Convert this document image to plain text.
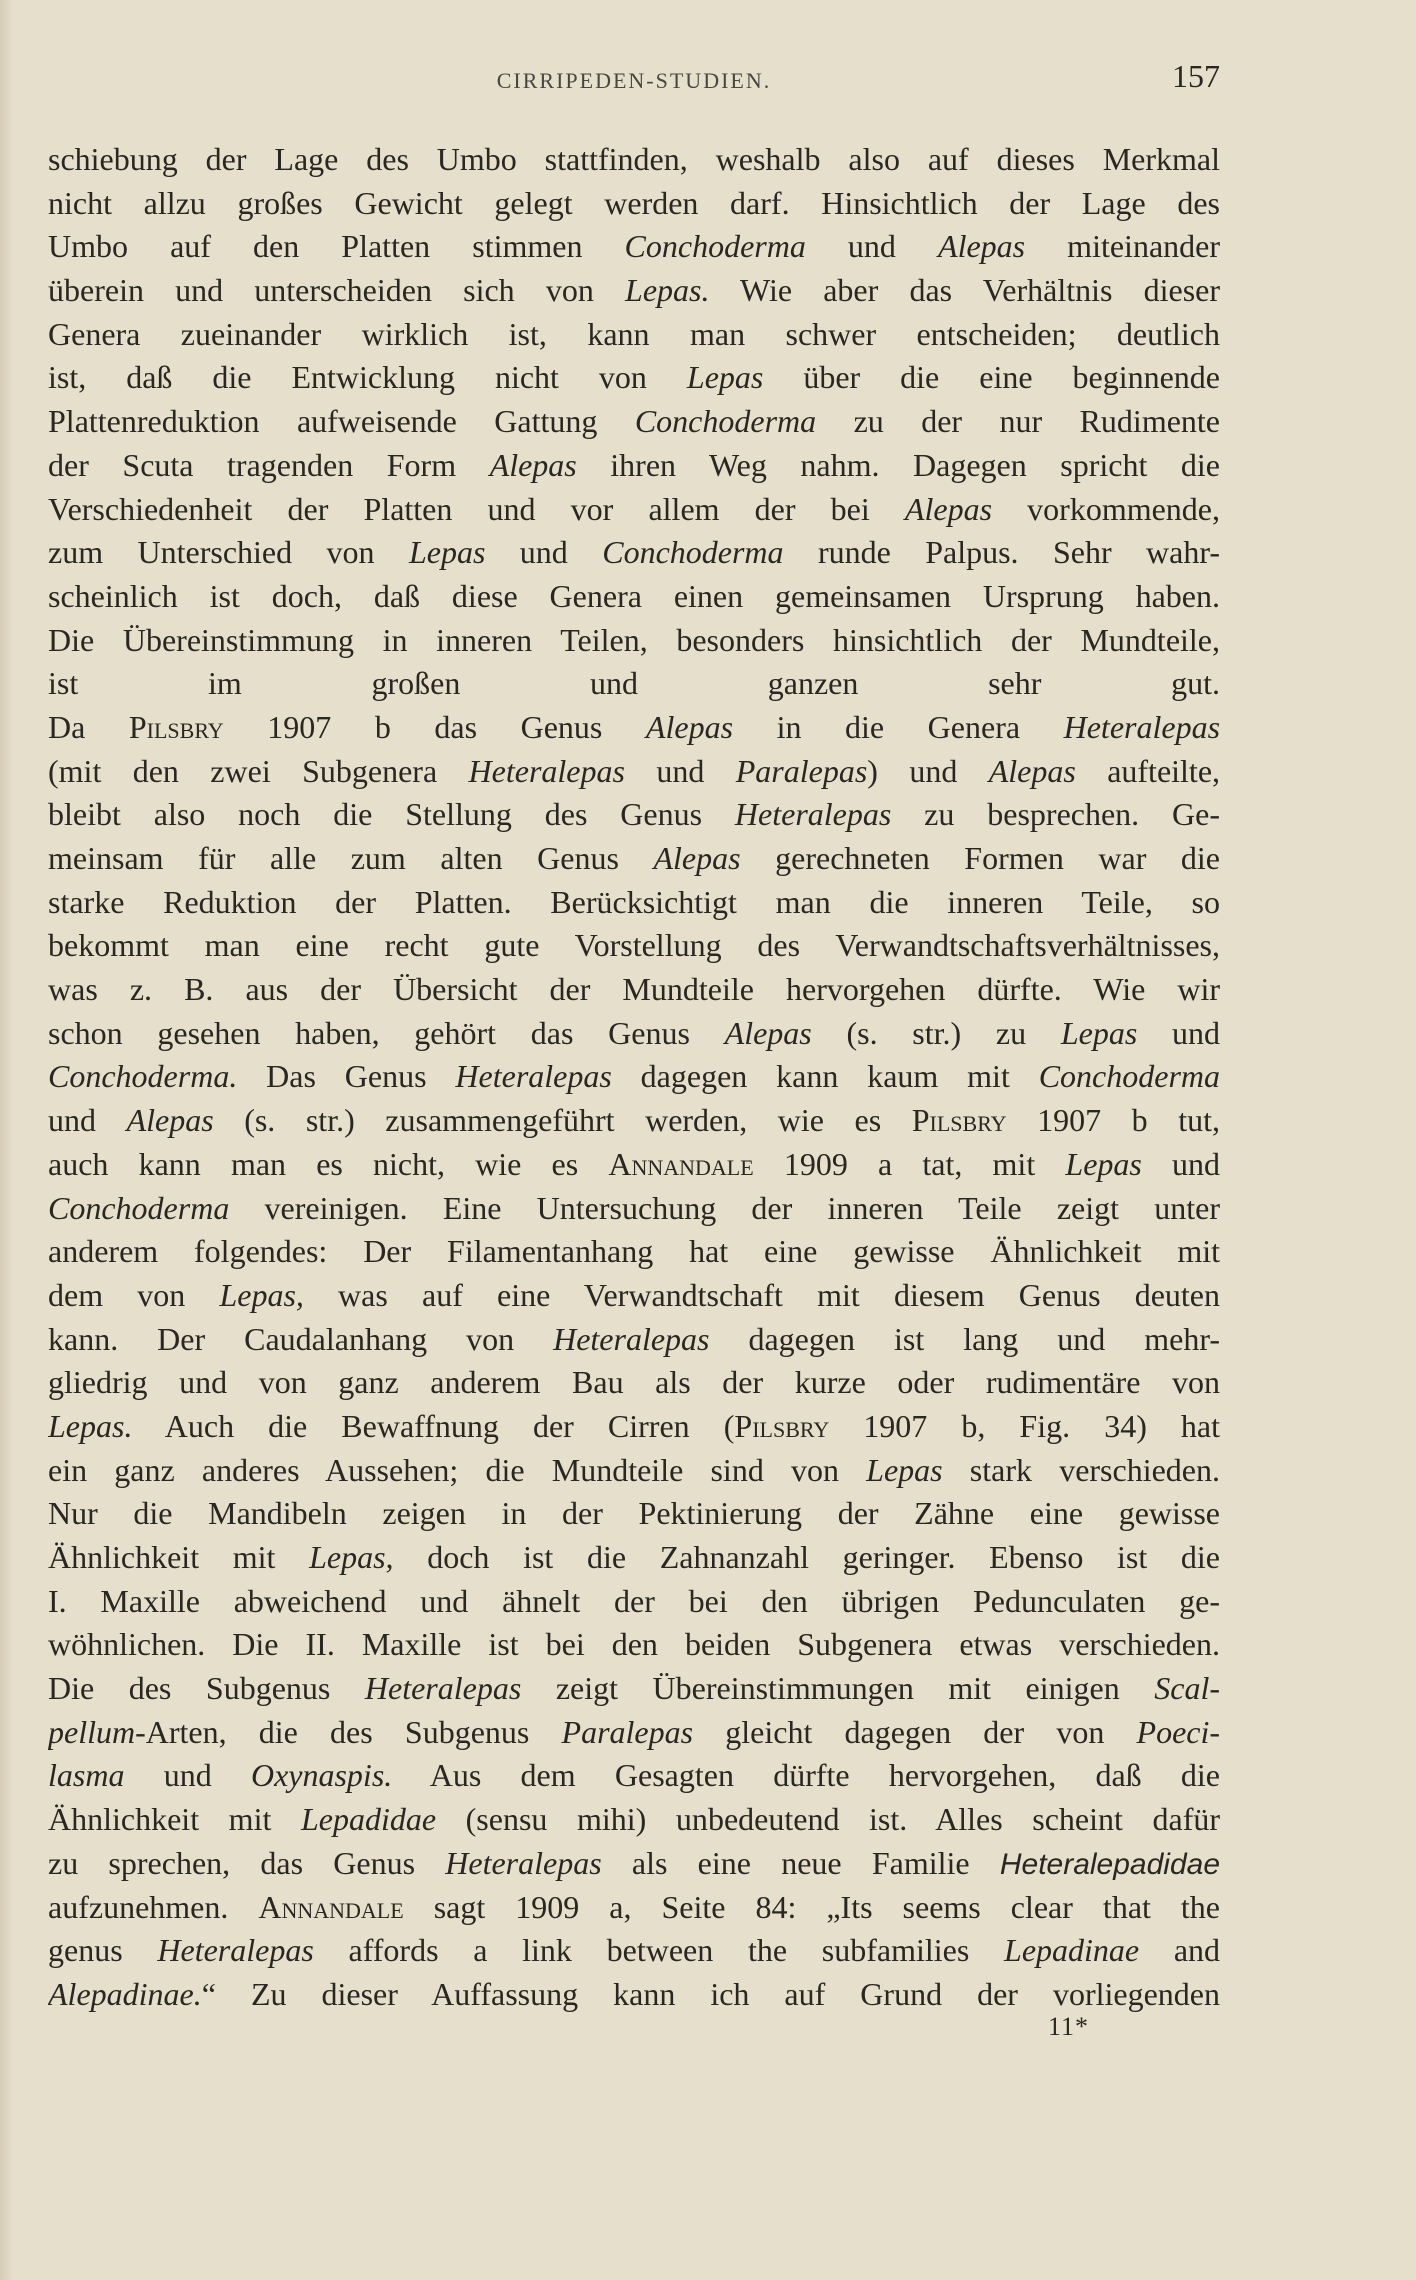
CIRRIPEDEN-STUDIEN.	157
schiebung der Lage des Umbo stattfinden, weshalb also auf dieses Merkmal
nicht allzu großes Gewicht gelegt werden darf. Hinsichtlich der Lage des
Umbo auf den Platten stimmen Conchoderma und Alepas miteinander
überein und unterscheiden sich von Lepas. Wie aber das Verhältnis dieser
Genera zueinander wirklich ist, kann man schwer entscheiden; deutlich
ist, daß die Entwicklung nicht von Lepas über die eine beginnende
Plattenreduktion aufweisende Gattung Conchoderma zu der nur Rudimente
der Scuta tragenden Form Alepas ihren Weg nahm. Dagegen spricht die
Verschiedenheit der Platten und vor allem der bei Alepas vorkommende,
zum Unterschied von Lepas und Conchoderma runde Palpus. Sehr wahr-
scheinlich ist doch, daß diese Genera einen gemeinsamen Ursprung haben.
Die Übereinstimmung in inneren Teilen, besonders hinsichtlich der Mundteile,
ist im großen und ganzen sehr gut.
Da Pilsbry 1907 b das Genus Alepas in die Genera Heteralepas
(mit den zwei Subgenera Heteralepas und Paralepas) und Alepas aufteilte,
bleibt also noch die Stellung des Genus Heteralepas zu besprechen. Ge-
meinsam für alle zum alten Genus Alepas gerechneten Formen war die
starke Reduktion der Platten. Berücksichtigt man die inneren Teile, so
bekommt man eine recht gute Vorstellung des Verwandtschaftsverhältnisses,
was z. B. aus der Übersicht der Mundteile hervorgehen dürfte. Wie wir
schon gesehen haben, gehört das Genus Alepas (s. str.) zu Lepas und
Conchoderma. Das Genus Heteralepas dagegen kann kaum mit Conchoderma
und Alepas (s. str.) zusammengeführt werden, wie es Pilsbry 1907 b tut,
auch kann man es nicht, wie es Annandale 1909 a tat, mit Lepas und
Conchoderma vereinigen. Eine Untersuchung der inneren Teile zeigt unter
anderem folgendes: Der Filamentanhang hat eine gewisse Ähnlichkeit mit
dem von Lepas, was auf eine Verwandtschaft mit diesem Genus deuten
kann. Der Caudalanhang von Heteralepas dagegen ist lang und mehr-
gliedrig und von ganz anderem Bau als der kurze oder rudimentäre von
Lepas. Auch die Bewaffnung der Cirren (Pilsbry 1907 b, Fig. 34) hat
ein ganz anderes Aussehen; die Mundteile sind von Lepas stark verschieden.
Nur die Mandibeln zeigen in der Pektinierung der Zähne eine gewisse
Ähnlichkeit mit Lepas, doch ist die Zahnanzahl geringer. Ebenso ist die
I. Maxille abweichend und ähnelt der bei den übrigen Pedunculaten ge-
wöhnlichen. Die II. Maxille ist bei den beiden Subgenera etwas verschieden.
Die des Subgenus Heteralepas zeigt Übereinstimmungen mit einigen Scal-
pellum-Arten, die des Subgenus Paralepas gleicht dagegen der von Poeci-
lasma und Oxynaspis. Aus dem Gesagten dürfte hervorgehen, daß die
Ähnlichkeit mit Lepadidae (sensu mihi) unbedeutend ist. Alles scheint dafür
zu sprechen, das Genus Heteralepas als eine neue Familie Heteralepadidae
aufzunehmen. Annandale sagt 1909 a, Seite 84: „Its seems clear that the
genus Heteralepas affords a link between the subfamilies Lepadinae and
Alepadinae.“ Zu dieser Auffassung kann ich auf Grund der vorliegenden
11*
